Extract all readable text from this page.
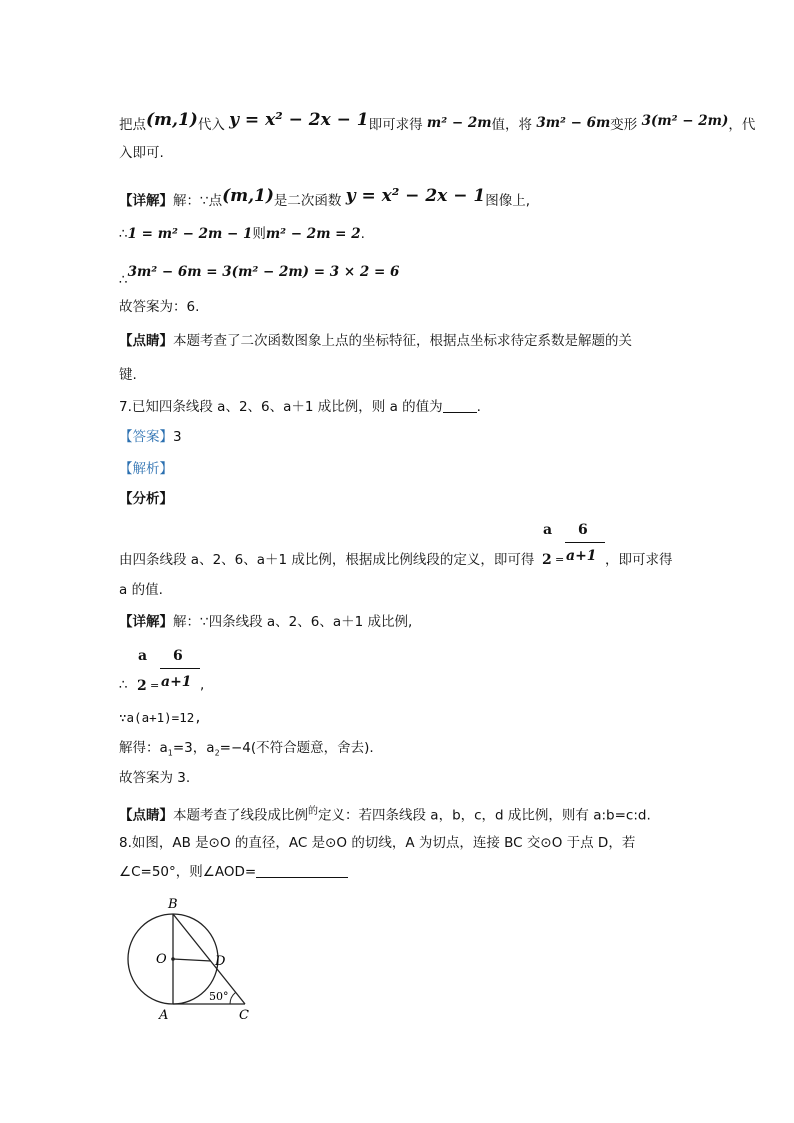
把点(m,1)代入 y = x² − 2x − 1即可求得 m² − 2m值，将 3m² − 6m变形 3(m² − 2m)，代
入即可.
【详解】解：∵点(m,1)是二次函数 y = x² − 2x − 1图像上,
∴1 = m² − 2m − 1则m² − 2m = 2.
∴3m² − 6m = 3(m² − 2m) = 3 × 2 = 6
故答案为：6.
【点睛】本题考查了二次函数图象上点的坐标特征，根据点坐标求待定系数是解题的关
键.
7.已知四条线段 a、2、6、a＋1 成比例，则 a 的值为	.
【答案】3
【解析】
【分析】
由四条线段 a、2、6、a＋1 成比例，根据成比例线段的定义，即可得
a
2 =
6
a+1 ，即可求得
a 的值.
【详解】解：∵四条线段 a、2、6、a＋1 成比例,
∴
a
2 =
6
a+1 ,
∵a(a+1)=12,
解得：$a_1=3$，$a_2=-4$(不符合题意，舍去).
故答案为 3.
【点睛】本题考查了线段成比例$^的$定义：若四条线段 a，b，c，d 成比例，则有 a:b=c:d.
8.如图，AB 是⊙O 的直径，AC 是⊙O 的切线，A 为切点，连接 BC 交⊙O 于点 D，若
∠C=50°，则∠AOD=
B
O	D
A	C
50°
